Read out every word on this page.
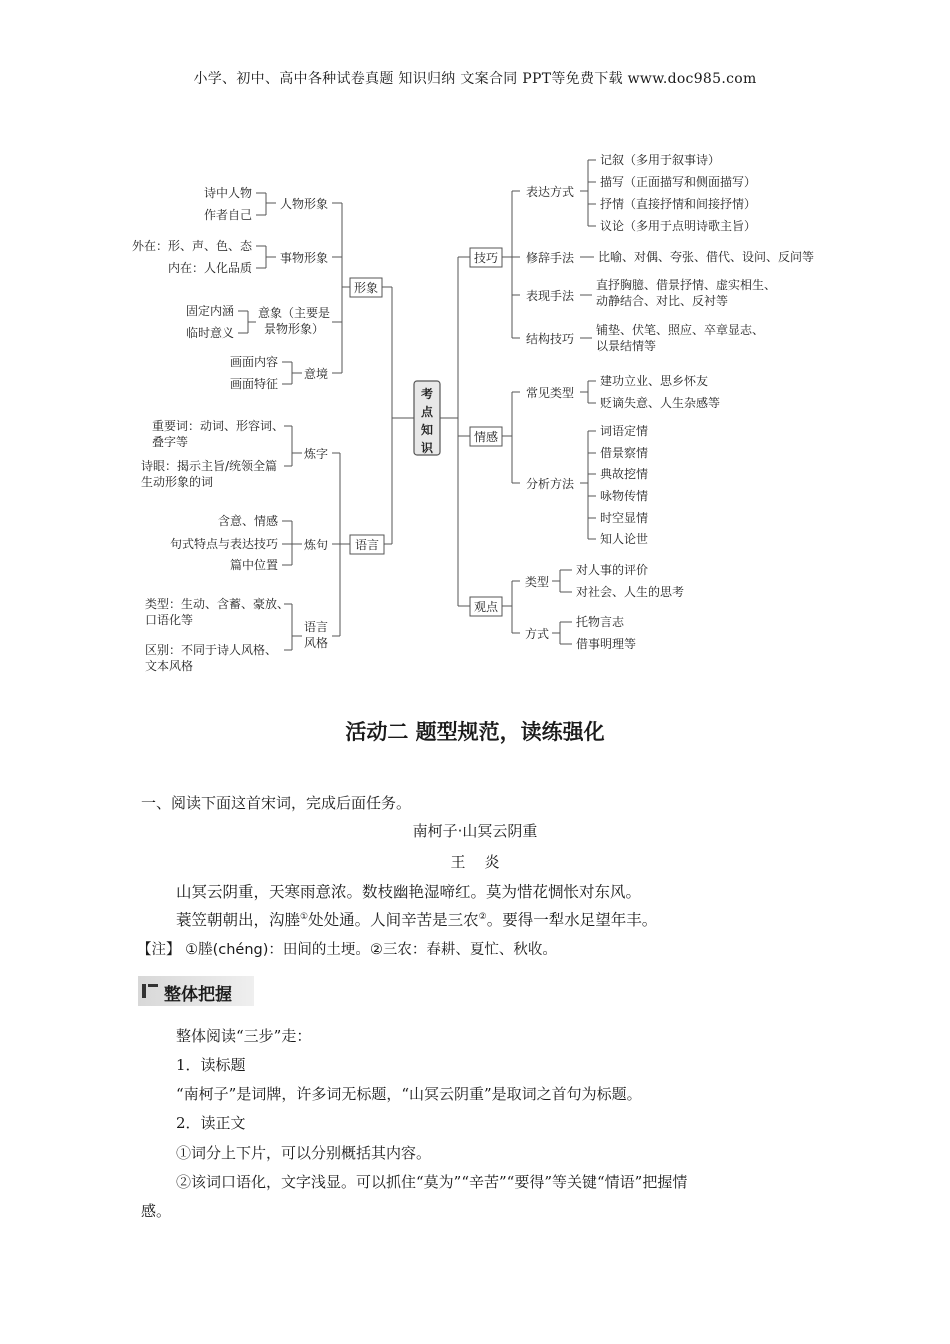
小学、初中、高中各种试卷真题 知识归纳 文案合同 PPT等免费下载 www.doc985.com
考
点
知
识
形象
人物形象
诗中人物
作者自己
事物形象
外在：形、声、色、态
内在：人化品质
意象（主要是
景物形象）
固定内涵
临时意义
意境
画面内容
画面特征
语言
炼字
重要词：动词、形容词、
叠字等
诗眼：揭示主旨/统领全篇
生动形象的词
炼句
含意、情感
句式特点与表达技巧
篇中位置
语言
风格
类型：生动、含蓄、豪放、
口语化等
区别：不同于诗人风格、
文本风格
技巧
表达方式
记叙（多用于叙事诗）
描写（正面描写和侧面描写）
抒情（直接抒情和间接抒情）
议论（多用于点明诗歌主旨）
修辞手法 比喻、对偶、夸张、借代、设问、反问等
表现手法
直抒胸臆、借景抒情、虚实相生、
动静结合、对比、反衬等
结构技巧
铺垫、伏笔、照应、卒章显志、
以景结情等
情感
常见类型
建功立业、思乡怀友
贬谪失意、人生杂感等
分析方法
词语定情
借景察情
典故挖情
咏物传情
时空显情
知人论世
观点
类型
对人事的评价
对社会、人生的思考
方式
托物言志
借事明理等
活动二 题型规范，读练强化
一、阅读下面这首宋词，完成后面任务。
南柯子·山冥云阴重
王    炎
山冥云阴重，天寒雨意浓。数枝幽艳湿啼红。莫为惜花惆怅对东风。
蓑笠朝朝出，沟塍①处处通。人间辛苦是三农②。要得一犁水足望年丰。
【注】 ①塍(chéng)：田间的土埂。②三农：春耕、夏忙、秋收。
整体把握
整体阅读“三步”走：
1．读标题
“南柯子”是词牌，许多词无标题，“山冥云阴重”是取词之首句为标题。
2．读正文
①词分上下片，可以分别概括其内容。
②该词口语化，文字浅显。可以抓住“莫为”“辛苦”“要得”等关键“情语”把握情
感。
